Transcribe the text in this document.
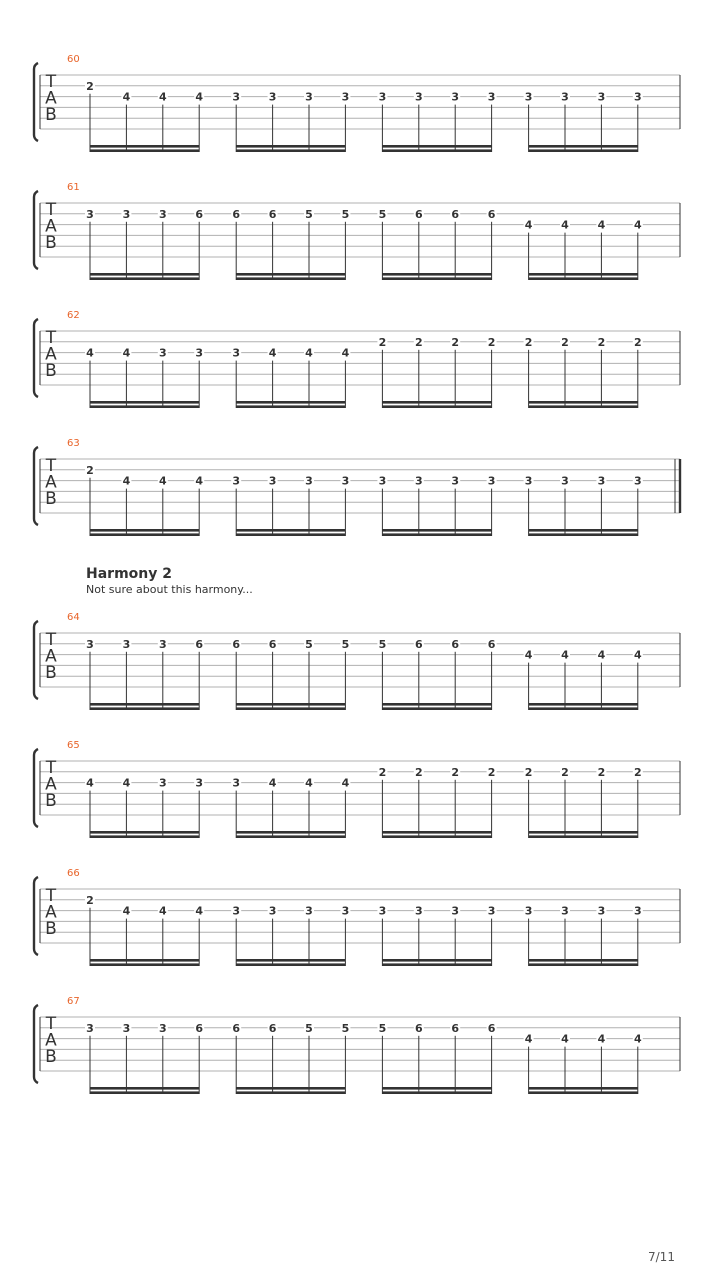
60
T
A
B
2
4	4	4	3	3	3	3	3	3	3	3	3	3	3	3
61
T
A
B
3	3	3	6	6	6	5	5	5	6	6	6
4	4	4	4
62
T
A
B
4	4	3	3	3	4	4	4
2	2	2	2	2	2	2	2
63
T
A
B
2
4	4	4	3	3	3	3	3	3	3	3	3	3	3	3
64
T
A
B
3	3	3	6	6	6	5	5	5	6	6	6
4	4	4	4
65
T
A
B
4	4	3	3	3	4	4	4
2	2	2	2	2	2	2	2
66
T
A
B
2
4	4	4	3	3	3	3	3	3	3	3	3	3	3	3
67
T
A
B
3	3	3	6	6	6	5	5	5	6	6	6
4	4	4	4
Harmony 2
Not sure about this harmony...
7/11
